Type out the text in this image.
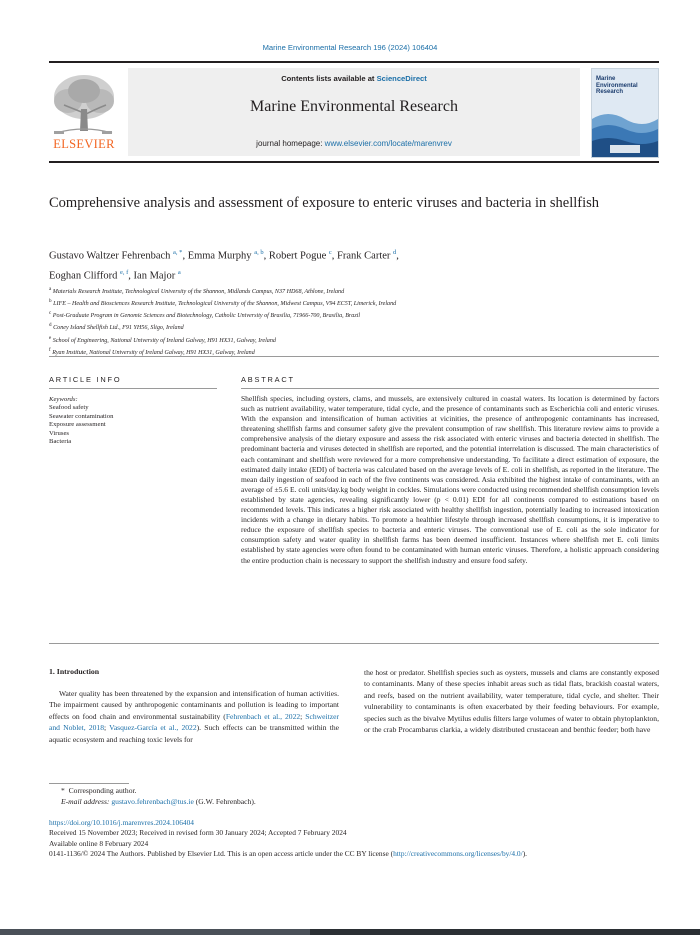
Marine Environmental Research 196 (2024) 106404
ELSEVIER
Contents lists available at ScienceDirect
Marine Environmental Research
journal homepage: www.elsevier.com/locate/marenvrev
Marine Environmental Research
Comprehensive analysis and assessment of exposure to enteric viruses and bacteria in shellfish
Gustavo Waltzer Fehrenbach $^{a, *}$, Emma Murphy $^{a, b}$, Robert Pogue $^c$, Frank Carter $^d$,
Eoghan Clifford $^{e, f}$, Ian Major $^a$
$^a$ Materials Research Institute, Technological University of the Shannon, Midlands Campus, N37 HD68, Athlone, Ireland
$^b$ LIFE – Health and Biosciences Research Institute, Technological University of the Shannon, Midwest Campus, V94 EC5T, Limerick, Ireland
$^c$ Post-Graduate Program in Genomic Sciences and Biotechnology, Catholic University of Brasilia, 71966-700, Brasilia, Brazil
$^d$ Coney Island Shellfish Ltd., F91 YH56, Sligo, Ireland
$^e$ School of Engineering, National University of Ireland Galway, H91 HX31, Galway, Ireland
$^f$ Ryan Institute, National University of Ireland Galway, H91 HX31, Galway, Ireland
ARTICLE INFO
Keywords:
Seafood safety
Seawater contamination
Exposure assessment
Viruses
Bacteria
ABSTRACT
Shellfish species, including oysters, clams, and mussels, are extensively cultured in coastal waters. Its location is determined by factors such as nutrient availability, water temperature, tidal cycle, and the presence of contaminants such as Escherichia coli and enteric viruses. With the expansion and intensification of human activities at vicinities, the presence of anthropogenic contaminants has increased, threatening shellfish farms and consumer safety give the prevalent consumption of raw shellfish. This literature review aims to provide a comprehensive analysis of the dietary exposure and assess the risk associated with enteric viruses and bacteria detected in shellfish. The predominant bacteria and viruses detected in shellfish are reported, and the potential interrelation is discussed. The main characteristics of each contaminant and shellfish were reviewed for a more comprehensive understanding. To facilitate a direct estimation of exposure, the estimated daily intake (EDI) of bacteria was calculated based on the average levels of E. coli in shellfish, as reported in the literature. The mean daily ingestion of seafood in each of the five continents was considered. Asia exhibited the highest intake of contaminants, with an average of ±5.6 E. coli units/day.kg body weight in cockles. Simulations were conducted using recommended shellfish consumption levels established by state agencies, revealing significantly lower (p < 0.01) EDI for all continents compared to estimations based on recommended levels. This indicates a higher risk associated with healthy shellfish ingestion, potentially leading to increased intoxication incidents with a change in dietary habits. To promote a healthier lifestyle through increased shellfish consumptions, it is imperative to reduce the exposure of shellfish species to bacteria and enteric viruses. The conventional use of E. coli as the sole indicator for consumption safety and water quality in shellfish farms has been deemed insufficient. Instances where shellfish met E. coli limits established by state agencies were often found to be contaminated with human enteric viruses. Therefore, a holistic approach considering the entire production chain is necessary to support the shellfish industry and ensure food safety.
1. Introduction

Water quality has been threatened by the expansion and intensification of human activities. The impairment caused by anthropogenic contaminants and pollution is leading to important effects on food chain and environmental sustainability (Fehrenbach et al., 2022; Schweitzer and Noblet, 2018; Vasquez-García et al., 2022). Such effects can be transmitted within the aquatic ecosystem and reaching toxic levels for

the host or predator. Shellfish species such as oysters, mussels and clams are constantly exposed to contaminants. Many of these species inhabit areas such as tidal flats, brackish coastal waters, and reefs, based on the nutrient availability, water temperature, tidal cycle, and shelter. Their vulnerability to contaminants is often exacerbated by their feeding behaviours. For example, species such as the bivalve Mytilus edulis filters large volumes of water to obtain phytoplankton, or the crab Procambarus clarkia, a widely distributed crustacean and benthic feeder; both have

* Corresponding author.
E-mail address: gustavo.fehrenbach@tus.ie (G.W. Fehrenbach).
https://doi.org/10.1016/j.marenvres.2024.106404
Received 15 November 2023; Received in revised form 30 January 2024; Accepted 7 February 2024
Available online 8 February 2024
0141-1136/© 2024 The Authors. Published by Elsevier Ltd. This is an open access article under the CC BY license (http://creativecommons.org/licenses/by/4.0/).
